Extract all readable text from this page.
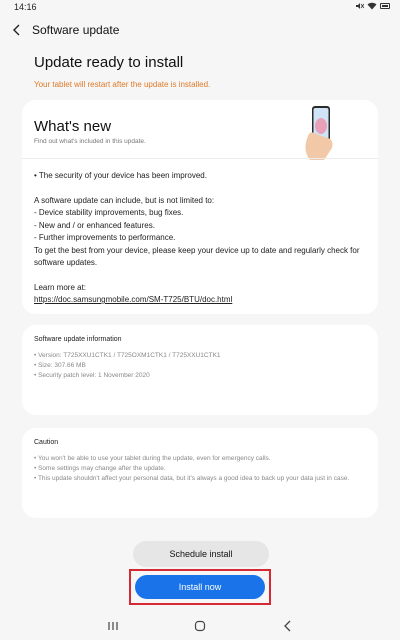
14:16
Software update
Update ready to install
Your tablet will restart after the update is installed.
What's new
Find out what's included in this update.
• The security of your device has been improved.
A software update can include, but is not limited to:
- Device stability improvements, bug fixes.
- New and / or enhanced features.
- Further improvements to performance.
To get the best from your device, please keep your device up to date and regularly check for software updates.
Learn more at:
https://doc.samsungmobile.com/SM-T725/BTU/doc.html
Software update information
• Version: T725XXU1CTK1 / T725OXM1CTK1 / T725XXU1CTK1
• Size: 307.66 MB
• Security patch level: 1 November 2020
Caution
• You won't be able to use your tablet during the update, even for emergency calls.
• Some settings may change after the update.
• This update shouldn't affect your personal data, but it's always a good idea to back up your data just in case.
Schedule install
Install now
